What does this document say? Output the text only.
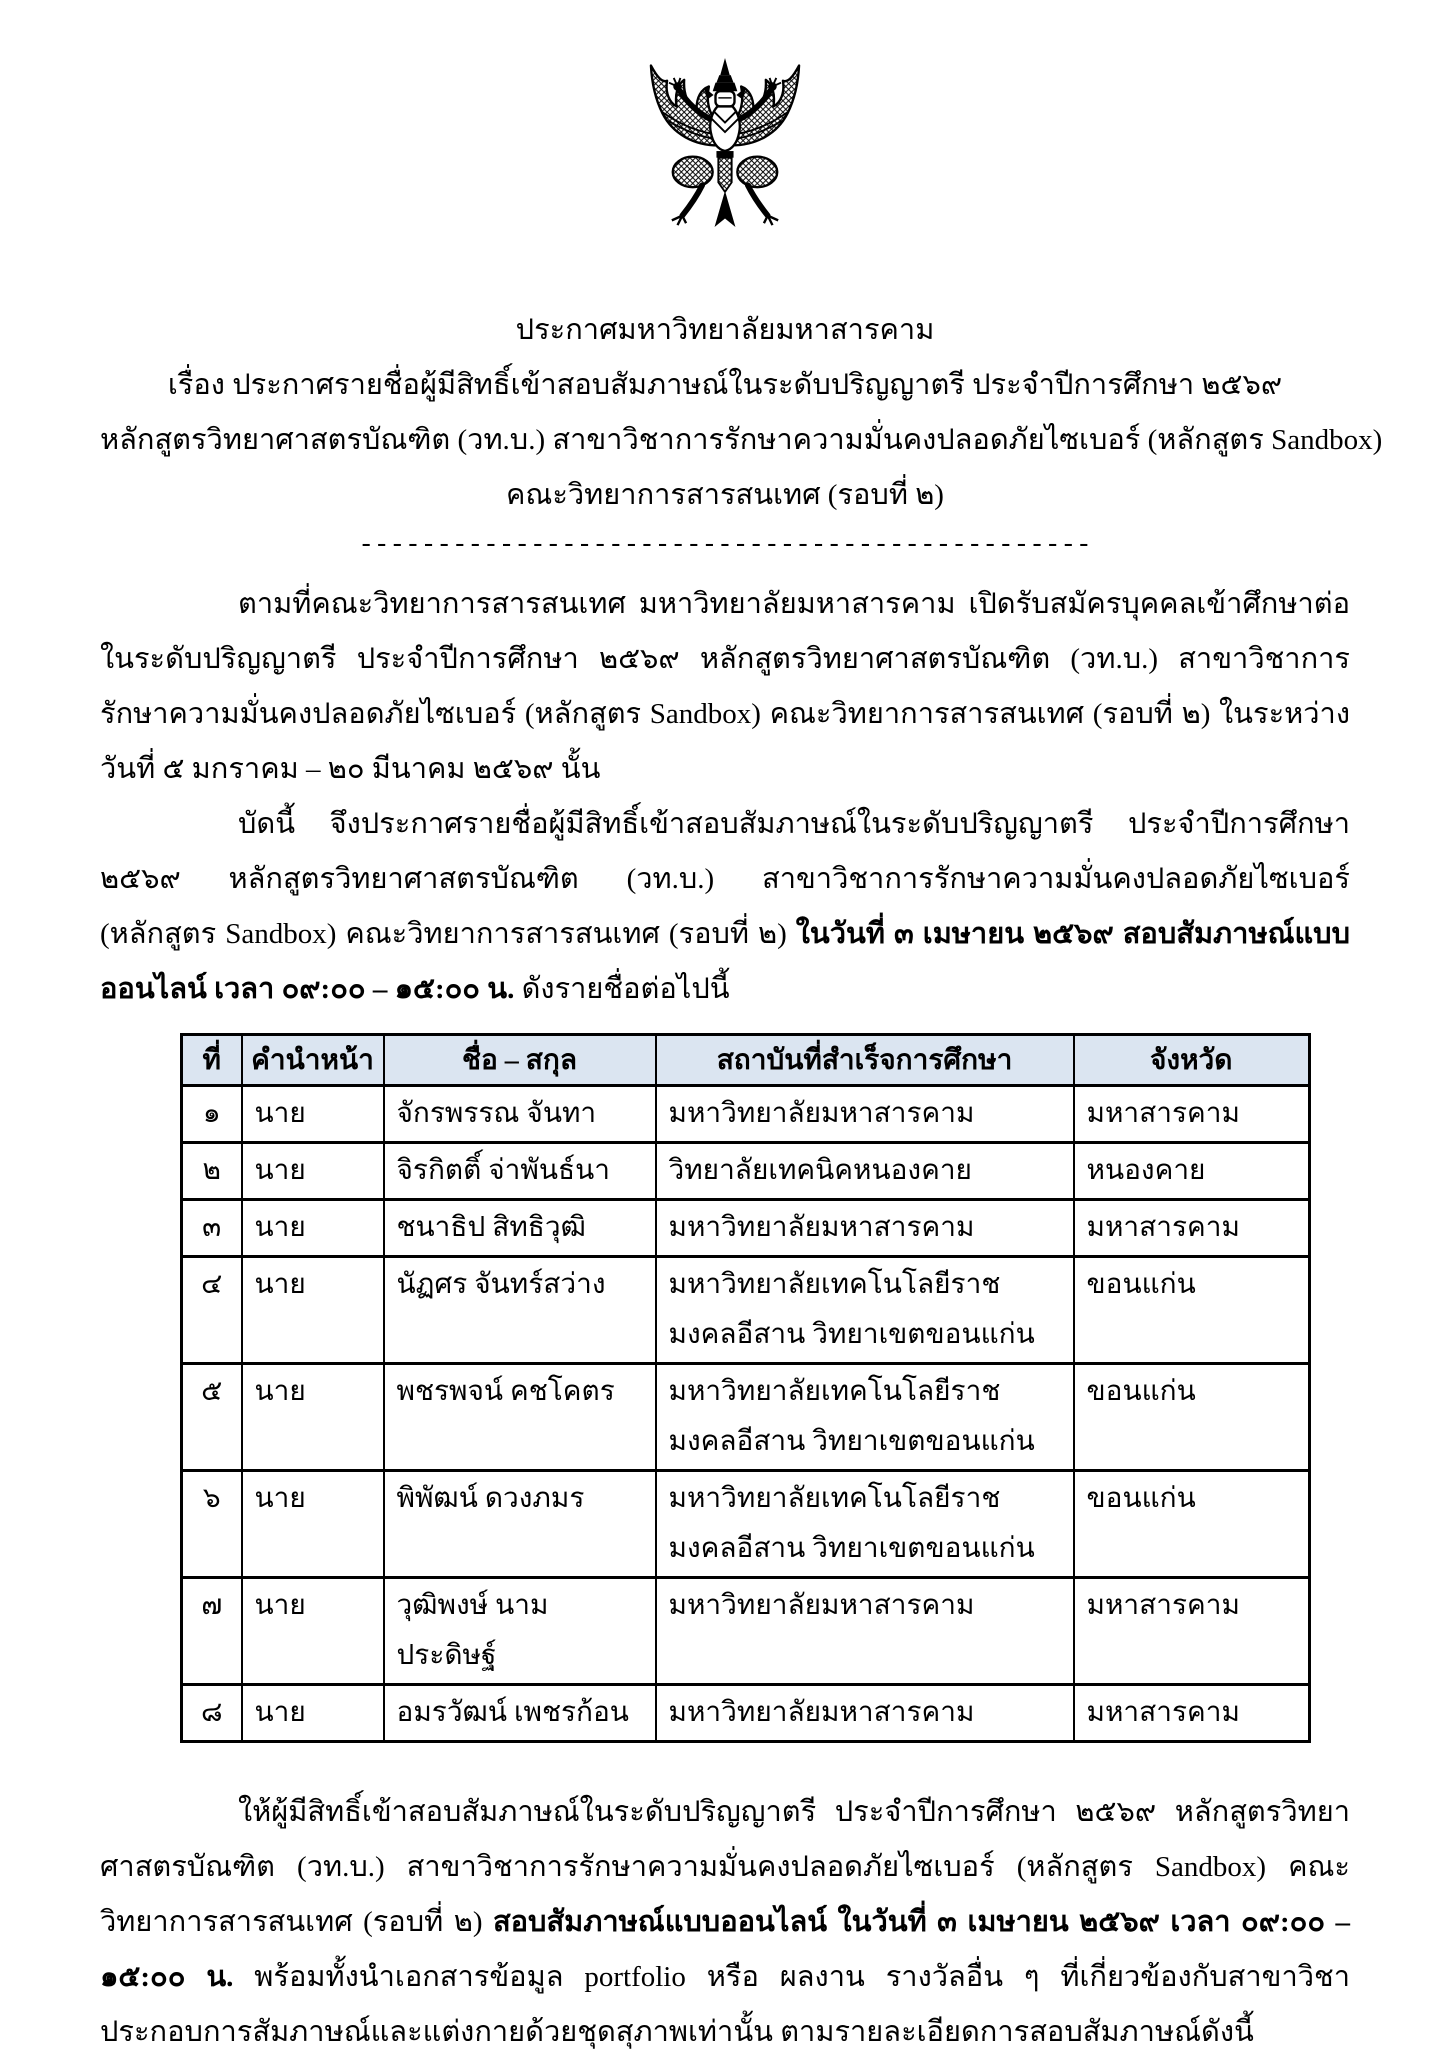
ประกาศมหาวิทยาลัยมหาสารคาม
เรื่อง ประกาศรายชื่อผู้มีสิทธิ์เข้าสอบสัมภาษณ์ในระดับปริญญาตรี ประจำปีการศึกษา ๒๕๖๙
หลักสูตรวิทยาศาสตรบัณฑิต (วท.บ.) สาขาวิชาการรักษาความมั่นคงปลอดภัยไซเบอร์ (หลักสูตร Sandbox)
คณะวิทยาการสารสนเทศ (รอบที่ ๒)
-----------------------------------------------

ตามที่คณะวิทยาการสารสนเทศ มหาวิทยาลัยมหาสารคาม เปิดรับสมัครบุคคลเข้าศึกษาต่อในระดับปริญญาตรี ประจำปีการศึกษา ๒๕๖๙ หลักสูตรวิทยาศาสตรบัณฑิต (วท.บ.) สาขาวิชาการรักษาความมั่นคงปลอดภัยไซเบอร์ (หลักสูตร Sandbox) คณะวิทยาการสารสนเทศ (รอบที่ ๒) ในระหว่างวันที่ ๕ มกราคม – ๒๐ มีนาคม ๒๕๖๙ นั้น

บัดนี้ จึงประกาศรายชื่อผู้มีสิทธิ์เข้าสอบสัมภาษณ์ในระดับปริญญาตรี ประจำปีการศึกษา ๒๕๖๙ หลักสูตรวิทยาศาสตรบัณฑิต (วท.บ.) สาขาวิชาการรักษาความมั่นคงปลอดภัยไซเบอร์ (หลักสูตร Sandbox) คณะวิทยาการสารสนเทศ (รอบที่ ๒) ในวันที่ ๓ เมษายน ๒๕๖๙ สอบสัมภาษณ์แบบออนไลน์ เวลา ๐๙:๐๐ – ๑๕:๐๐ น. ดังรายชื่อต่อไปนี้

ที่	คำนำหน้า	ชื่อ – สกุล	สถาบันที่สำเร็จการศึกษา	จังหวัด
๑	นาย	จักรพรรณ จันทา	มหาวิทยาลัยมหาสารคาม	มหาสารคาม
๒	นาย	จิรกิตติ์ จ่าพันธ์นา	วิทยาลัยเทคนิคหนองคาย	หนองคาย
๓	นาย	ชนาธิป สิทธิวุฒิ	มหาวิทยาลัยมหาสารคาม	มหาสารคาม
๔	นาย	นัฏศร จันทร์สว่าง	มหาวิทยาลัยเทคโนโลยีราชมงคลอีสาน วิทยาเขตขอนแก่น	ขอนแก่น
๕	นาย	พชรพจน์ คชโคตร	มหาวิทยาลัยเทคโนโลยีราชมงคลอีสาน วิทยาเขตขอนแก่น	ขอนแก่น
๖	นาย	พิพัฒน์ ดวงภมร	มหาวิทยาลัยเทคโนโลยีราชมงคลอีสาน วิทยาเขตขอนแก่น	ขอนแก่น
๗	นาย	วุฒิพงษ์ นามประดิษฐ์	มหาวิทยาลัยมหาสารคาม	มหาสารคาม
๘	นาย	อมรวัฒน์ เพชรก้อน	มหาวิทยาลัยมหาสารคาม	มหาสารคาม

ให้ผู้มีสิทธิ์เข้าสอบสัมภาษณ์ในระดับปริญญาตรี ประจำปีการศึกษา ๒๕๖๙ หลักสูตรวิทยาศาสตรบัณฑิต (วท.บ.) สาขาวิชาการรักษาความมั่นคงปลอดภัยไซเบอร์ (หลักสูตร Sandbox) คณะวิทยาการสารสนเทศ (รอบที่ ๒) สอบสัมภาษณ์แบบออนไลน์ ในวันที่ ๓ เมษายน ๒๕๖๙ เวลา ๐๙:๐๐ – ๑๕:๐๐ น. พร้อมทั้งนำเอกสารข้อมูล portfolio หรือ ผลงาน รางวัลอื่น ๆ ที่เกี่ยวข้องกับสาขาวิชา ประกอบการสัมภาษณ์และแต่งกายด้วยชุดสุภาพเท่านั้น ตามรายละเอียดการสอบสัมภาษณ์ดังนี้
